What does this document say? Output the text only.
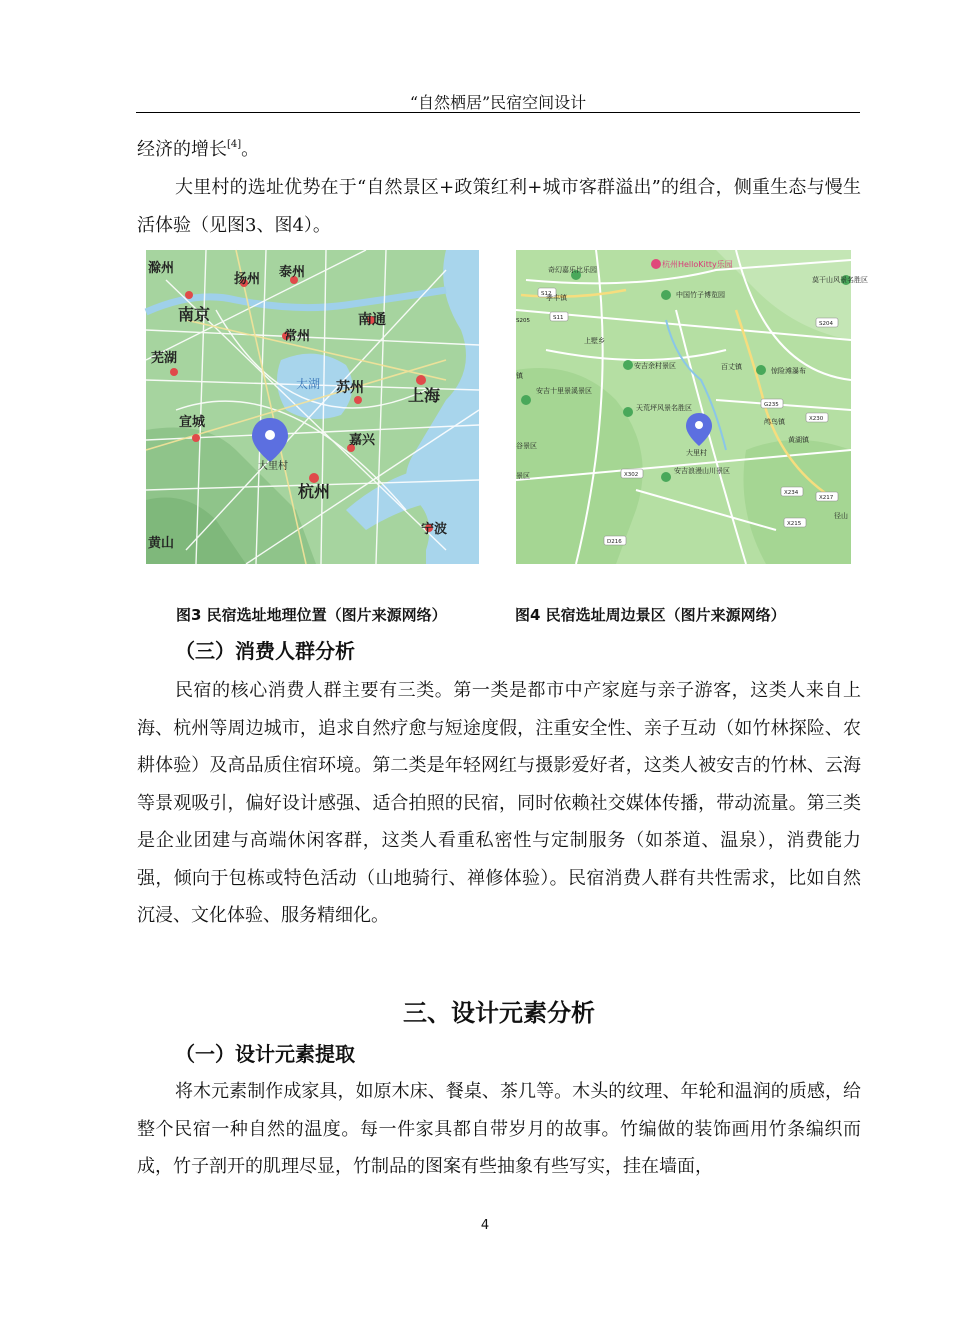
“自然栖居”民宿空间设计

经济的增长[4]。

大里村的选址优势在于“自然景区+政策红利+城市客群溢出”的组合，侧重生态与慢生活体验（见图3、图4）。

滁州	泰州
扬州
南京
常州
南通
芜湖
太湖 苏州	上海
宣城
嘉兴
大里村
杭州
宁波
黄山
奇幻嘉乐比乐园
杭州HelloKitty乐园
莫干山风景名胜区
孝丰镇	中国竹子博览园
上墅乡
安吉余村景区	百丈镇	惊险滩瀑布
安吉十里景溪景区
天荒坪风景名胜区
鸬鸟镇
大里村
黄湖镇
安吉浪漫山川景区
谷景区
景区
镇
径山
S12
S11
S204
X230
X302
X234
X217
X215
D216
G235
S205
图3 民宿选址地理位置（图片来源网络）	图4 民宿选址周边景区（图片来源网络）
（三）消费人群分析

民宿的核心消费人群主要有三类。第一类是都市中产家庭与亲子游客，这类人来自上海、杭州等周边城市，追求自然疗愈与短途度假，注重安全性、亲子互动（如竹林探险、农耕体验）及高品质住宿环境。第二类是年轻网红与摄影爱好者，这类人被安吉的竹林、云海等景观吸引，偏好设计感强、适合拍照的民宿，同时依赖社交媒体传播，带动流量。第三类是企业团建与高端休闲客群，这类人看重私密性与定制服务（如茶道、温泉），消费能力强，倾向于包栋或特色活动（山地骑行、禅修体验）。民宿消费人群有共性需求，比如自然沉浸、文化体验、服务精细化。

三、设计元素分析
（一）设计元素提取

将木元素制作成家具，如原木床、餐桌、茶几等。木头的纹理、年轮和温润的质感，给整个民宿一种自然的温度。每一件家具都自带岁月的故事。竹编做的装饰画用竹条编织而成，竹子剖开的肌理尽显，竹制品的图案有些抽象有些写实，挂在墙面，

4
